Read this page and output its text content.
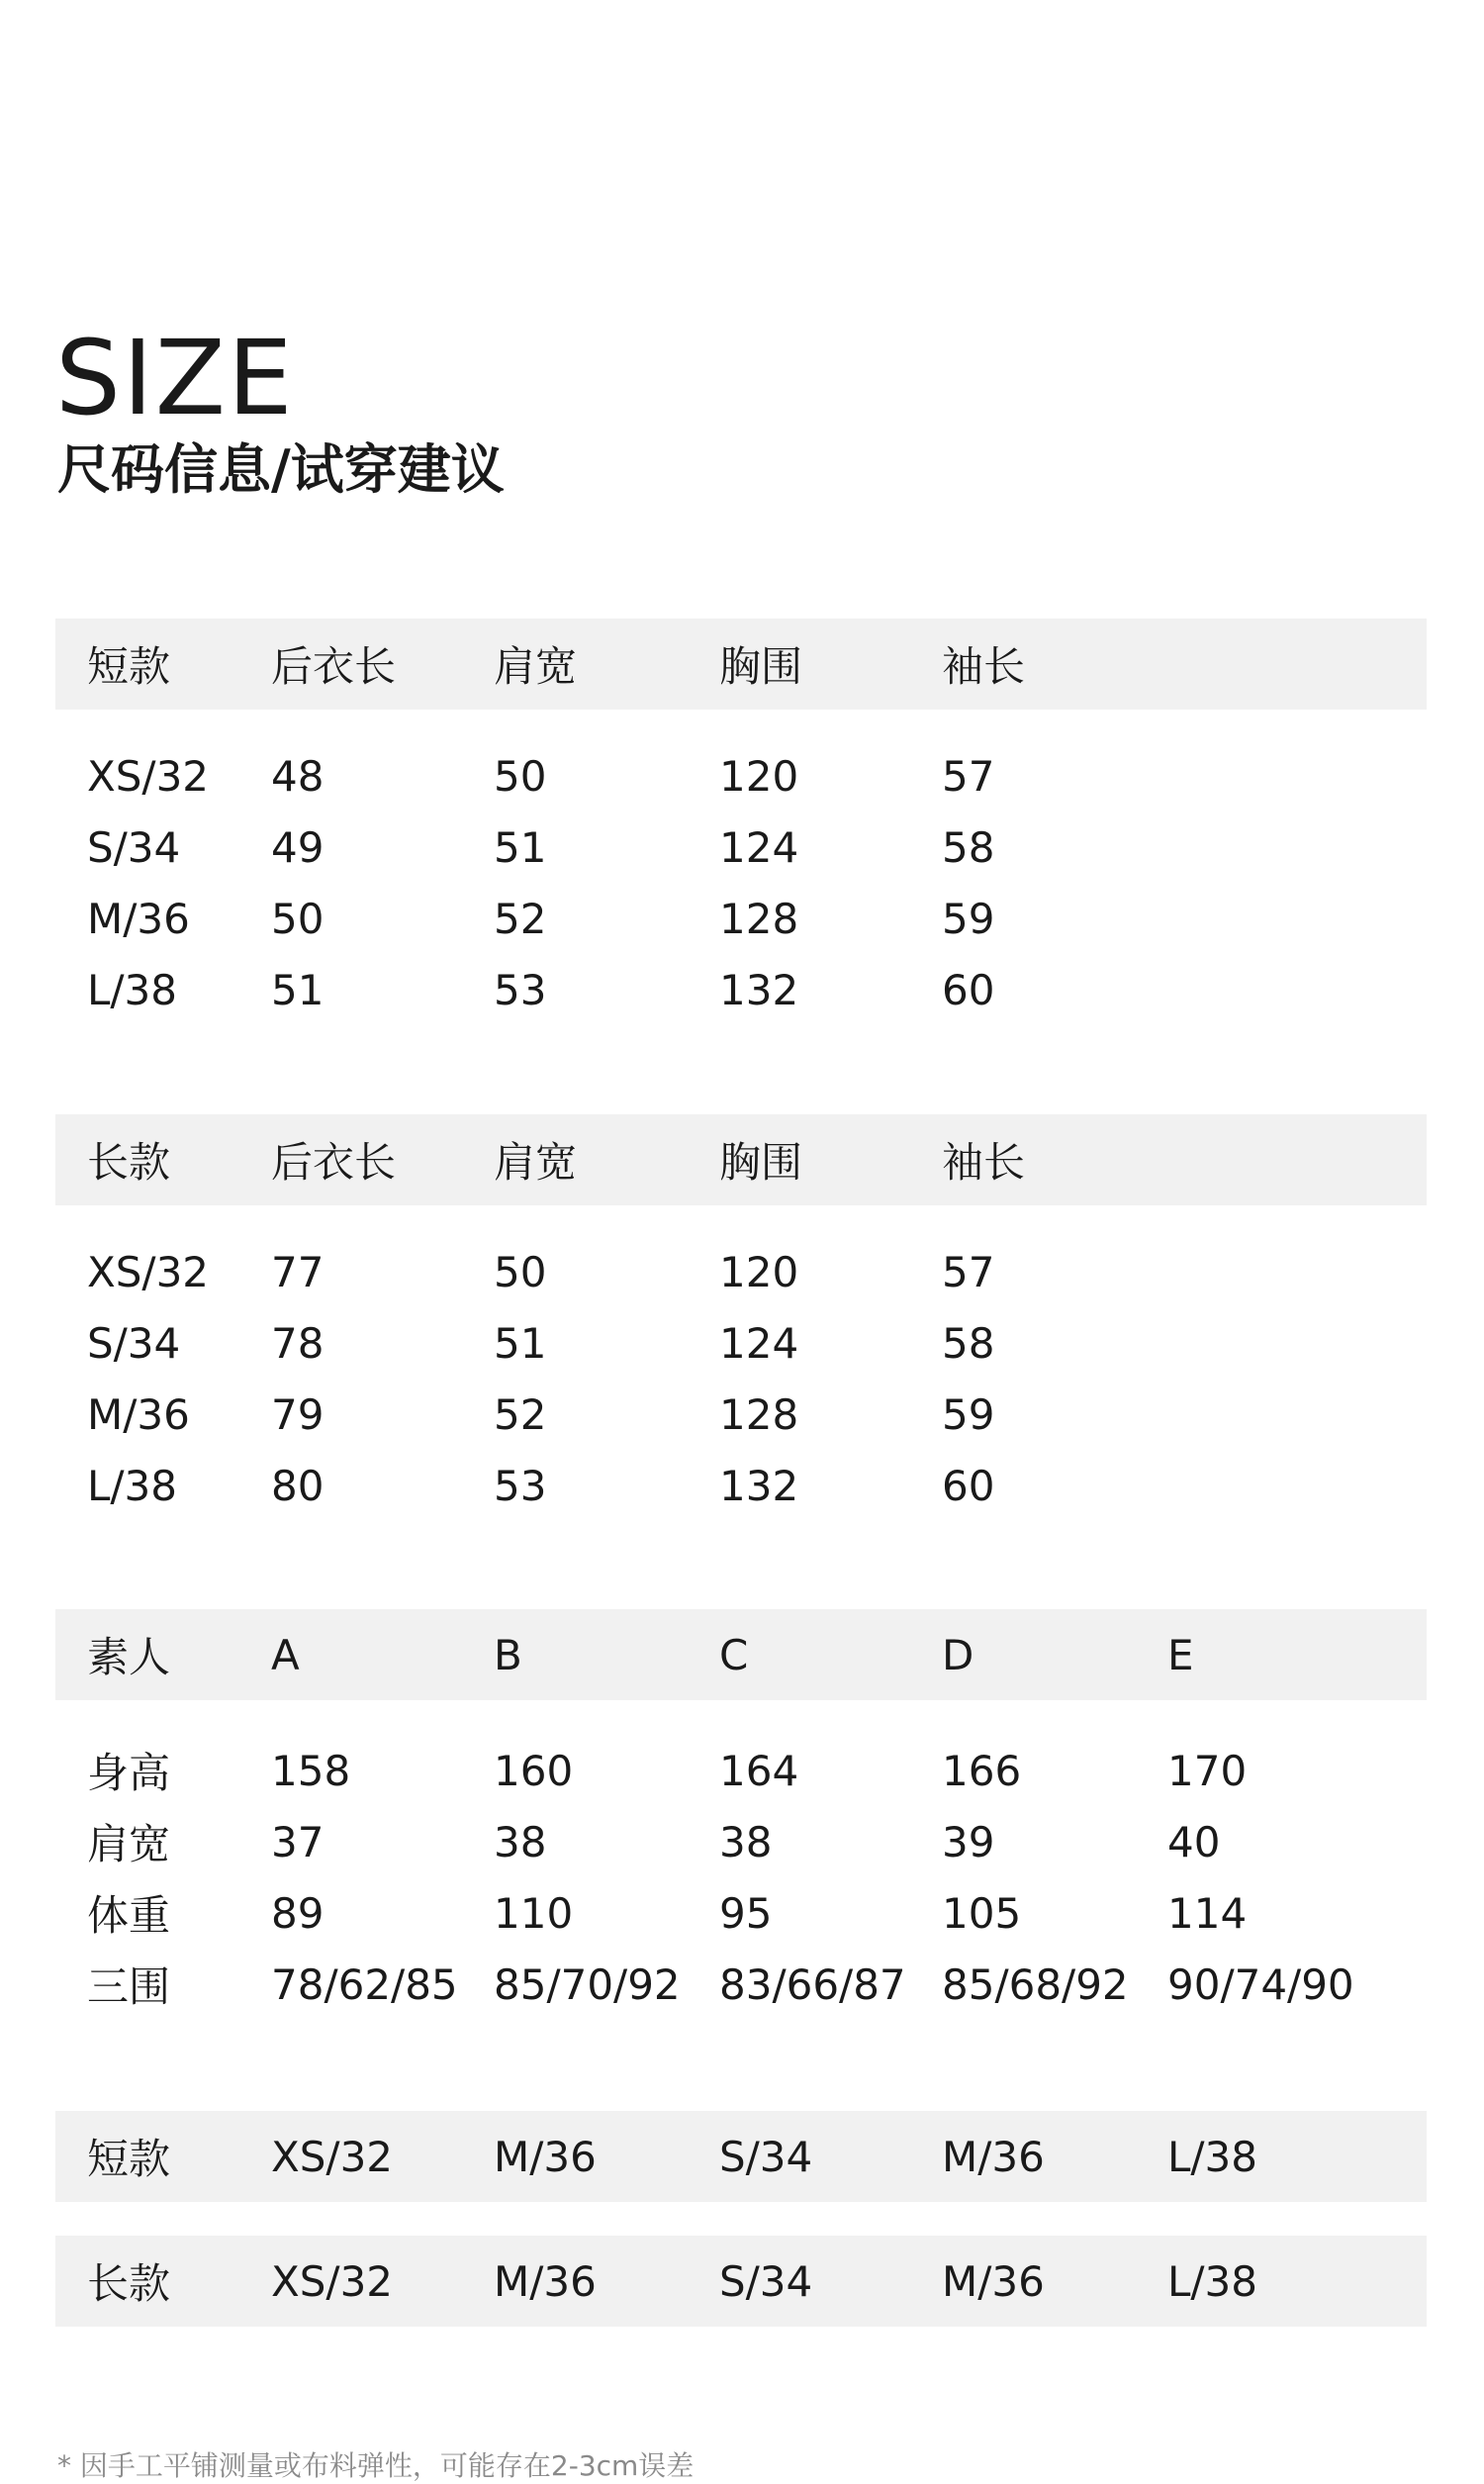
SIZE
尺码信息/试穿建议
短款 后衣长 肩宽	胸围	袖长
XS/32 48	50	120	57
S/34 49	51	124	58
M/36 50	52	128	59
L/38 51	53	132	60
长款 后衣长 肩宽	胸围	袖长
XS/32 77	50	120	57
S/34 78	51	124	58
M/36 79	52	128	59
L/38 80	53	132	60
素人 A	B	C	D	E
身高 158	160	164	166	170
肩宽 37	38	38	39	40
体重 89	110	95	105	114
三围 78/62/85 85/70/92 83/66/87 85/68/92 90/74/90
短款 XS/32 M/36	S/34	M/36	L/38
长款 XS/32 M/36	S/34	M/36	L/38
* 因手工平铺测量或布料弹性，可能存在2-3cm误差
